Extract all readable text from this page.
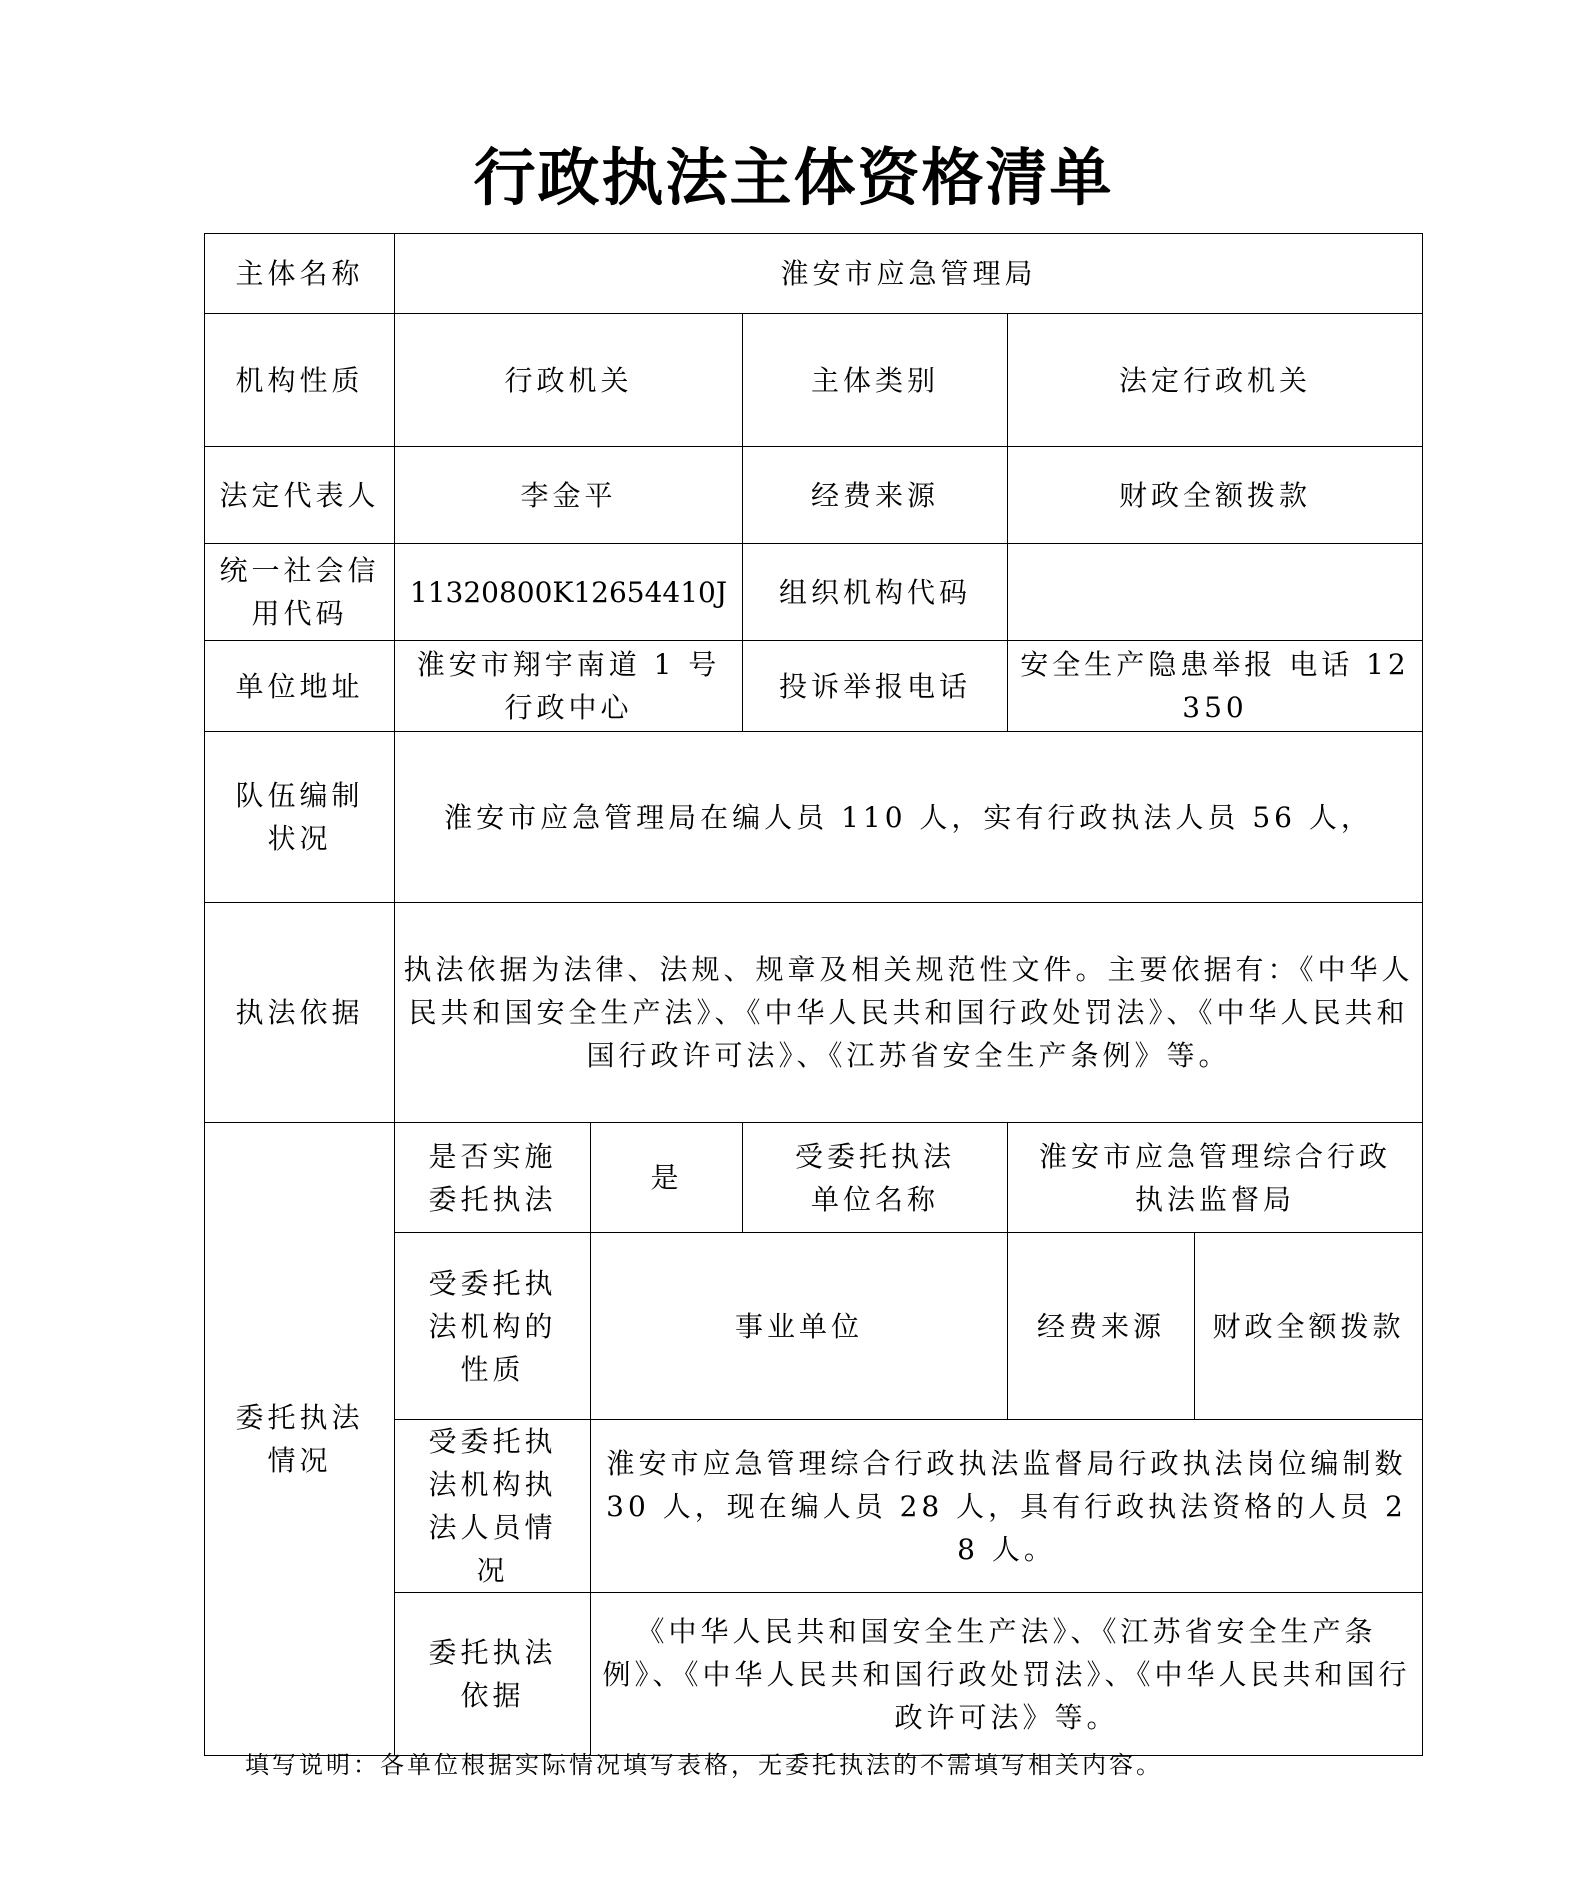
行政执法主体资格清单
主体名称	淮安市应急管理局				
机构性质	行政机关		主体类别	法定行政机关	
法定代表人	李金平		经费来源	财政全额拨款	
统一社会信用代码	11320800K12654410J		组织机构代码		
单位地址	淮安市翔宇南道 1 号行政中心		投诉举报电话	安全生产隐患举报 电话 12350	
队伍编制状况	淮安市应急管理局在编人员 110 人，实有行政执法人员 56 人，				
执法依据	执法依据为法律、法规、规章及相关规范性文件。主要依据有：《中华人民共和国安全生产法》、《中华人民共和国行政处罚法》、《中华人民共和国行政许可法》、《江苏省安全生产条例》等。				
委托执法情况	是否实施委托执法	是	受委托执法单位名称	淮安市应急管理综合行政执法监督局	
	受委托执法机构的性质	事业单位		经费来源	财政全额拨款
	受委托执法机构执法人员情况	淮安市应急管理综合行政执法监督局行政执法岗位编制数 30 人，现在编人员 28 人，具有行政执法资格的人员 28 人。			
	委托执法依据	《中华人民共和国安全生产法》、《江苏省安全生产条例》、《中华人民共和国行政处罚法》、《中华人民共和国行政许可法》等。			

填写说明：各单位根据实际情况填写表格，无委托执法的不需填写相关内容。
